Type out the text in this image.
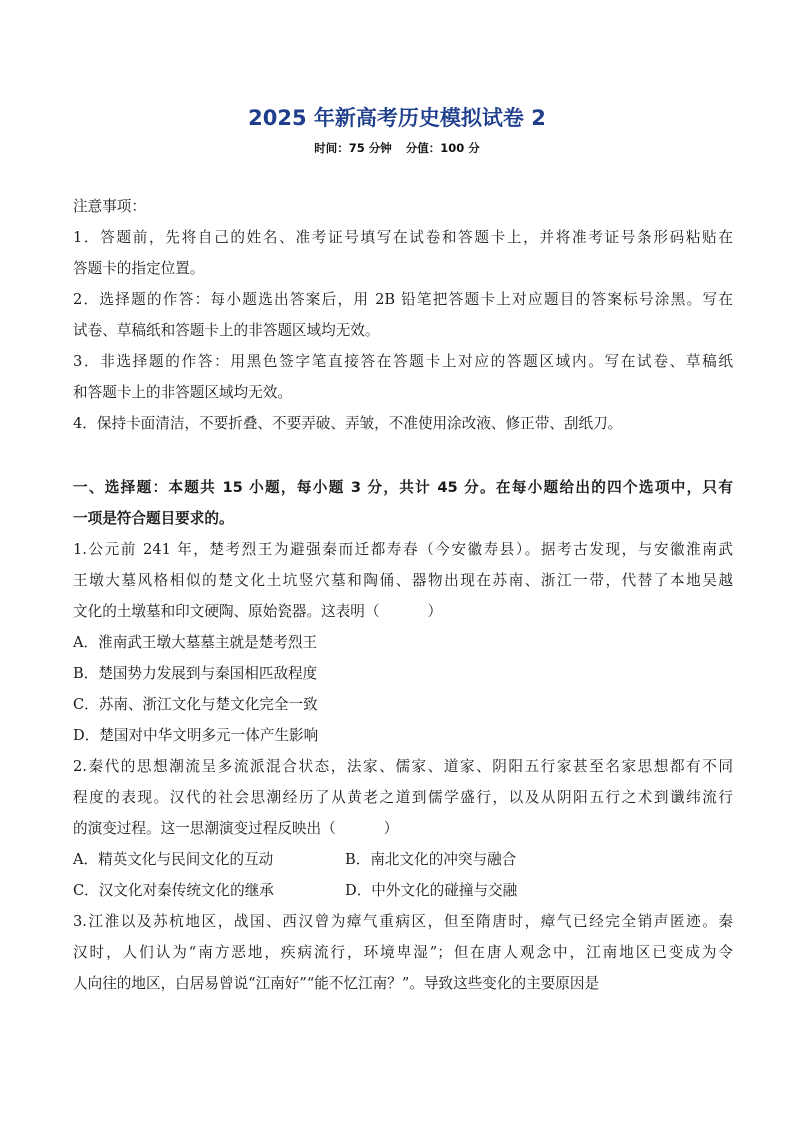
2025 年新高考历史模拟试卷 2
时间：75 分钟 分值：100 分
注意事项：
1．答题前，先将自己的姓名、准考证号填写在试卷和答题卡上，并将准考证号条形码粘贴在
答题卡的指定位置。
2．选择题的作答：每小题选出答案后，用 2B 铅笔把答题卡上对应题目的答案标号涂黑。写在
试卷、草稿纸和答题卡上的非答题区域均无效。
3．非选择题的作答：用黑色签字笔直接答在答题卡上对应的答题区域内。写在试卷、草稿纸
和答题卡上的非答题区域均无效。
4．保持卡面清洁，不要折叠、不要弄破、弄皱，不准使用涂改液、修正带、刮纸刀。
一、选择题：本题共 15 小题，每小题 3 分，共计 45 分。在每小题给出的四个选项中，只有
一项是符合题目要求的。
1.公元前 241 年，楚考烈王为避强秦而迁都寿春（今安徽寿县）。据考古发现，与安徽淮南武
王墩大墓风格相似的楚文化土坑竖穴墓和陶俑、器物出现在苏南、浙江一带，代替了本地吴越
文化的土墩墓和印文硬陶、原始瓷器。这表明（	）
A．淮南武王墩大墓墓主就是楚考烈王
B．楚国势力发展到与秦国相匹敌程度
C．苏南、浙江文化与楚文化完全一致
D．楚国对中华文明多元一体产生影响
2.秦代的思想潮流呈多流派混合状态，法家、儒家、道家、阴阳五行家甚至名家思想都有不同
程度的表现。汉代的社会思潮经历了从黄老之道到儒学盛行，以及从阴阳五行之术到谶纬流行
的演变过程。这一思潮演变过程反映出（	）
A．精英文化与民间文化的互动	B．南北文化的冲突与融合
C．汉文化对秦传统文化的继承	D．中外文化的碰撞与交融
3.江淮以及苏杭地区，战国、西汉曾为瘴气重病区，但至隋唐时，瘴气已经完全销声匿迹。秦
汉时，人们认为“南方恶地，疾病流行，环境卑湿”；但在唐人观念中，江南地区已变成为令
人向往的地区，白居易曾说“江南好”“能不忆江南？”。导致这些变化的主要原因是
